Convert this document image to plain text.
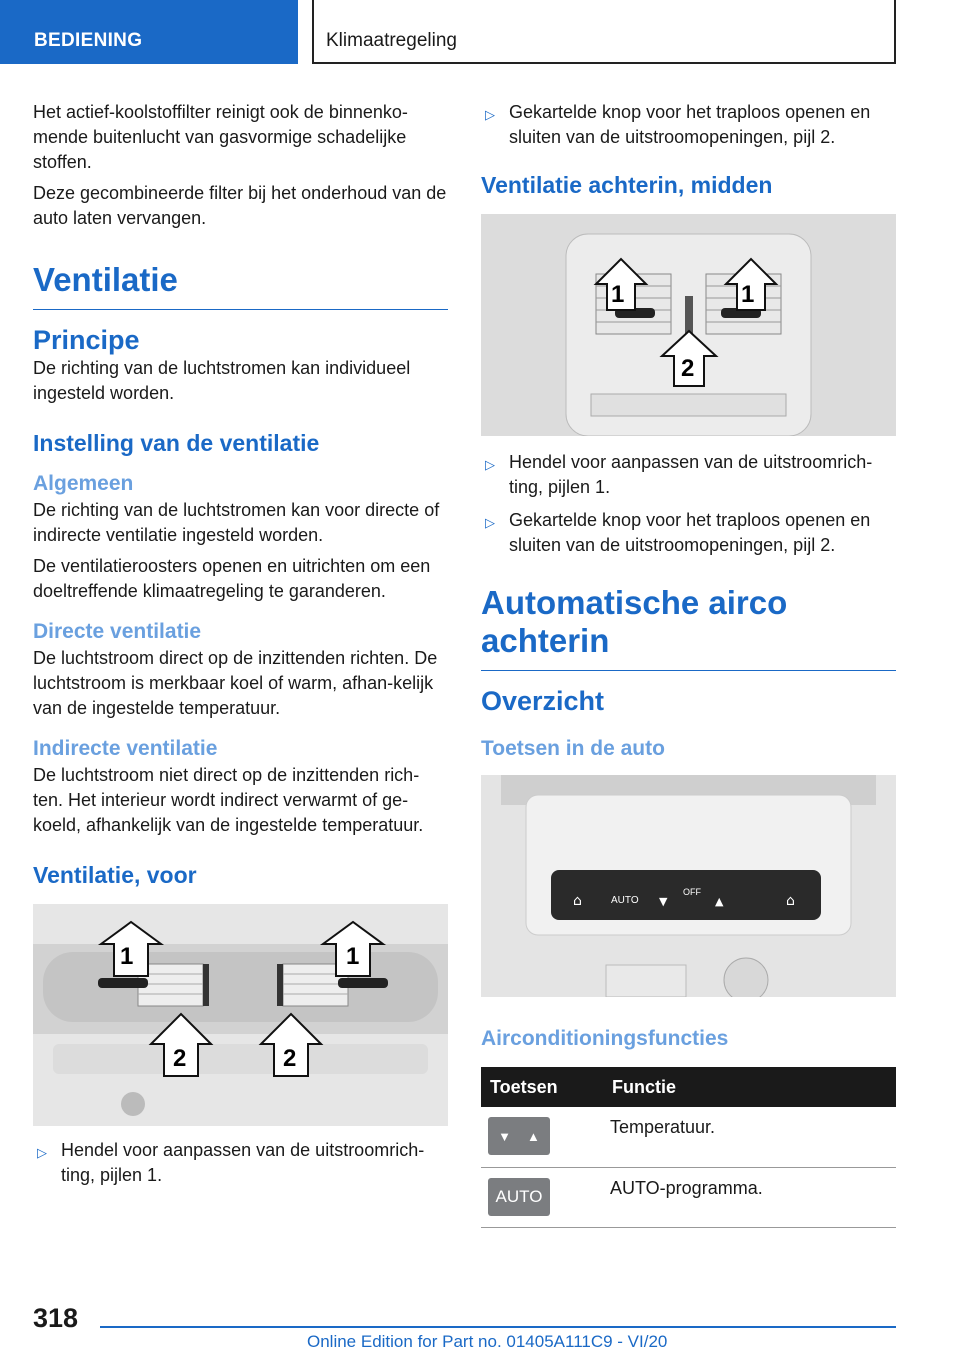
BEDIENING	Klimaatregeling

Het actief-koolstoffilter reinigt ook de binnenko-mende buitenlucht van gasvormige schadelijke stoffen.

Deze gecombineerde filter bij het onderhoud van de auto laten vervangen.

Ventilatie
Principe

De richting van de luchtstromen kan individueel ingesteld worden.

Instelling van de ventilatie
Algemeen

De richting van de luchtstromen kan voor directe of indirecte ventilatie ingesteld worden.

De ventilatieroosters openen en uitrichten om een doeltreffende klimaatregeling te garanderen.

Directe ventilatie

De luchtstroom direct op de inzittenden richten. De luchtstroom is merkbaar koel of warm, afhan-kelijk van de ingestelde temperatuur.

Indirecte ventilatie

De luchtstroom niet direct op de inzittenden rich-ten. Het interieur wordt indirect verwarmt of ge-koeld, afhankelijk van de ingestelde temperatuur.

Ventilatie, voor
1	1
2	2
▷ Hendel voor aanpassen van de uitstroomrich-ting, pijlen 1.
▷ Gekartelde knop voor het traploos openen en sluiten van de uitstroomopeningen, pijl 2.
Ventilatie achterin, midden
1	1
2
▷ Hendel voor aanpassen van de uitstroomrich-ting, pijlen 1.
▷ Gekartelde knop voor het traploos openen en sluiten van de uitstroomopeningen, pijl 2.
Automatische airco achterin
Overzicht
Toetsen in de auto
AUTO
OFF
▼	▲
⌂	⌂
Airconditioningsfuncties
Toetsen	Functie

▼ ▲	Temperatuur.

AUTO	AUTO-programma.
318
Online Edition for Part no. 01405A111C9 - VI/20
